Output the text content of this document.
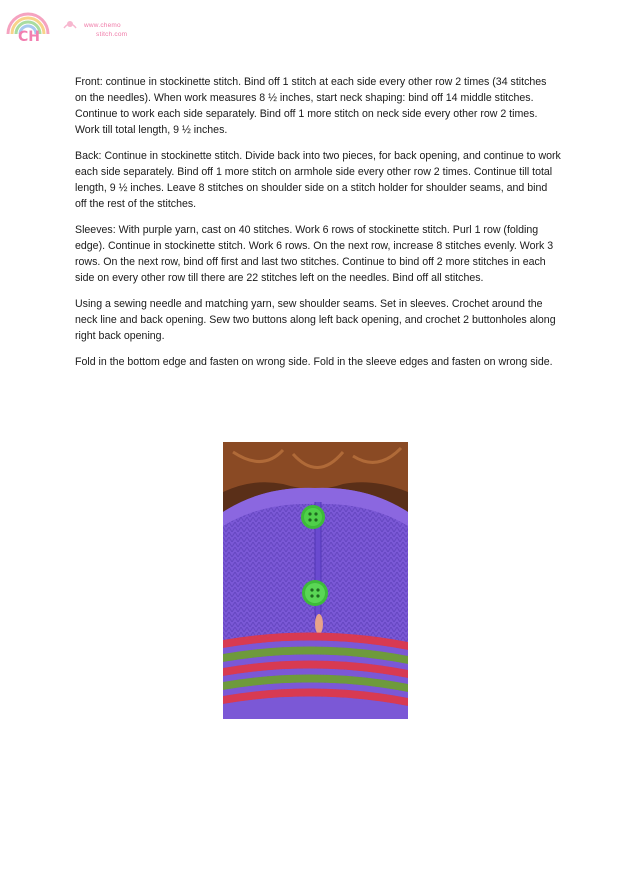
CH
www.chemo
stitch.com

Front: continue in stockinette stitch. Bind off 1 stitch at each side every other row 2 times (34 stitches on the needles). When work measures 8 ½ inches, start neck shaping: bind off 14 middle stitches. Continue to work each side separately. Bind off 1 more stitch on neck side every other row 2 times. Work till total length, 9 ½ inches.

Back: Continue in stockinette stitch. Divide back into two pieces, for back opening, and continue to work each side separately. Bind off 1 more stitch on armhole side every other row 2 times. Continue till total length, 9 ½ inches. Leave 8 stitches on shoulder side on a stitch holder for shoulder seams, and bind off the rest of the stitches.

Sleeves: With purple yarn, cast on 40 stitches. Work 6 rows of stockinette stitch. Purl 1 row (folding edge). Continue in stockinette stitch. Work 6 rows. On the next row, increase 8 stitches evenly. Work 3 rows. On the next row, bind off first and last two stitches. Continue to bind off 2 more stitches in each side on every other row till there are 22 stitches left on the needles. Bind off all stitches.

Using a sewing needle and matching yarn, sew shoulder seams. Set in sleeves. Crochet around the neck line and back opening. Sew two buttons along left back opening, and crochet 2 buttonholes along right back opening.

Fold in the bottom edge and fasten on wrong side. Fold in the sleeve edges and fasten on wrong side.
